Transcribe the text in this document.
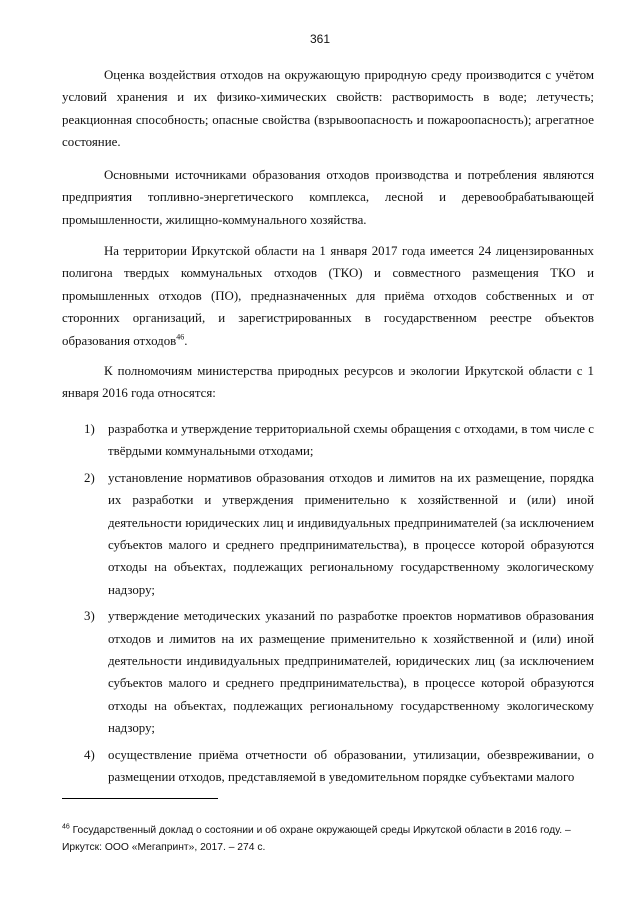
361

Оценка воздействия отходов на окружающую природную среду производится с учётом условий хранения и их физико-химических свойств: растворимость в воде; летучесть; реакционная способность; опасные свойства (взрывоопасность и пожароопасность); агрегатное состояние.

Основными источниками образования отходов производства и потребления являются предприятия топливно-энергетического комплекса, лесной и деревообрабатывающей промышленности, жилищно-коммунального хозяйства.

На территории Иркутской области на 1 января 2017 года имеется 24 лицензированных полигона твердых коммунальных отходов (ТКО) и совместного размещения ТКО и промышленных отходов (ПО), предназначенных для приёма отходов собственных и от сторонних организаций, и зарегистрированных в государственном реестре объектов образования отходов$^{46}$.

К полномочиям министерства природных ресурсов и экологии Иркутской области с 1 января 2016 года относятся:

1) разработка и утверждение территориальной схемы обращения с отходами, в том числе с твёрдыми коммунальными отходами;
2) установление нормативов образования отходов и лимитов на их размещение, порядка их разработки и утверждения применительно к хозяйственной и (или) иной деятельности юридических лиц и индивидуальных предпринимателей (за исключением субъектов малого и среднего предпринимательства), в процессе которой образуются отходы на объектах, подлежащих региональному государственному экологическому надзору;
3) утверждение методических указаний по разработке проектов нормативов образования отходов и лимитов на их размещение применительно к хозяйственной и (или) иной деятельности индивидуальных предпринимателей, юридических лиц (за исключением субъектов малого и среднего предпринимательства), в процессе которой образуются отходы на объектах, подлежащих региональному государственному экологическому надзору;
4) осуществление приёма отчетности об образовании, утилизации, обезвреживании, о размещении отходов, представляемой в уведомительном порядке субъектами малого

$^{46}$ Государственный доклад о состоянии и об охране окружающей среды Иркутской области в 2016 году. – Иркутск: ООО «Мегапринт», 2017. – 274 с.
